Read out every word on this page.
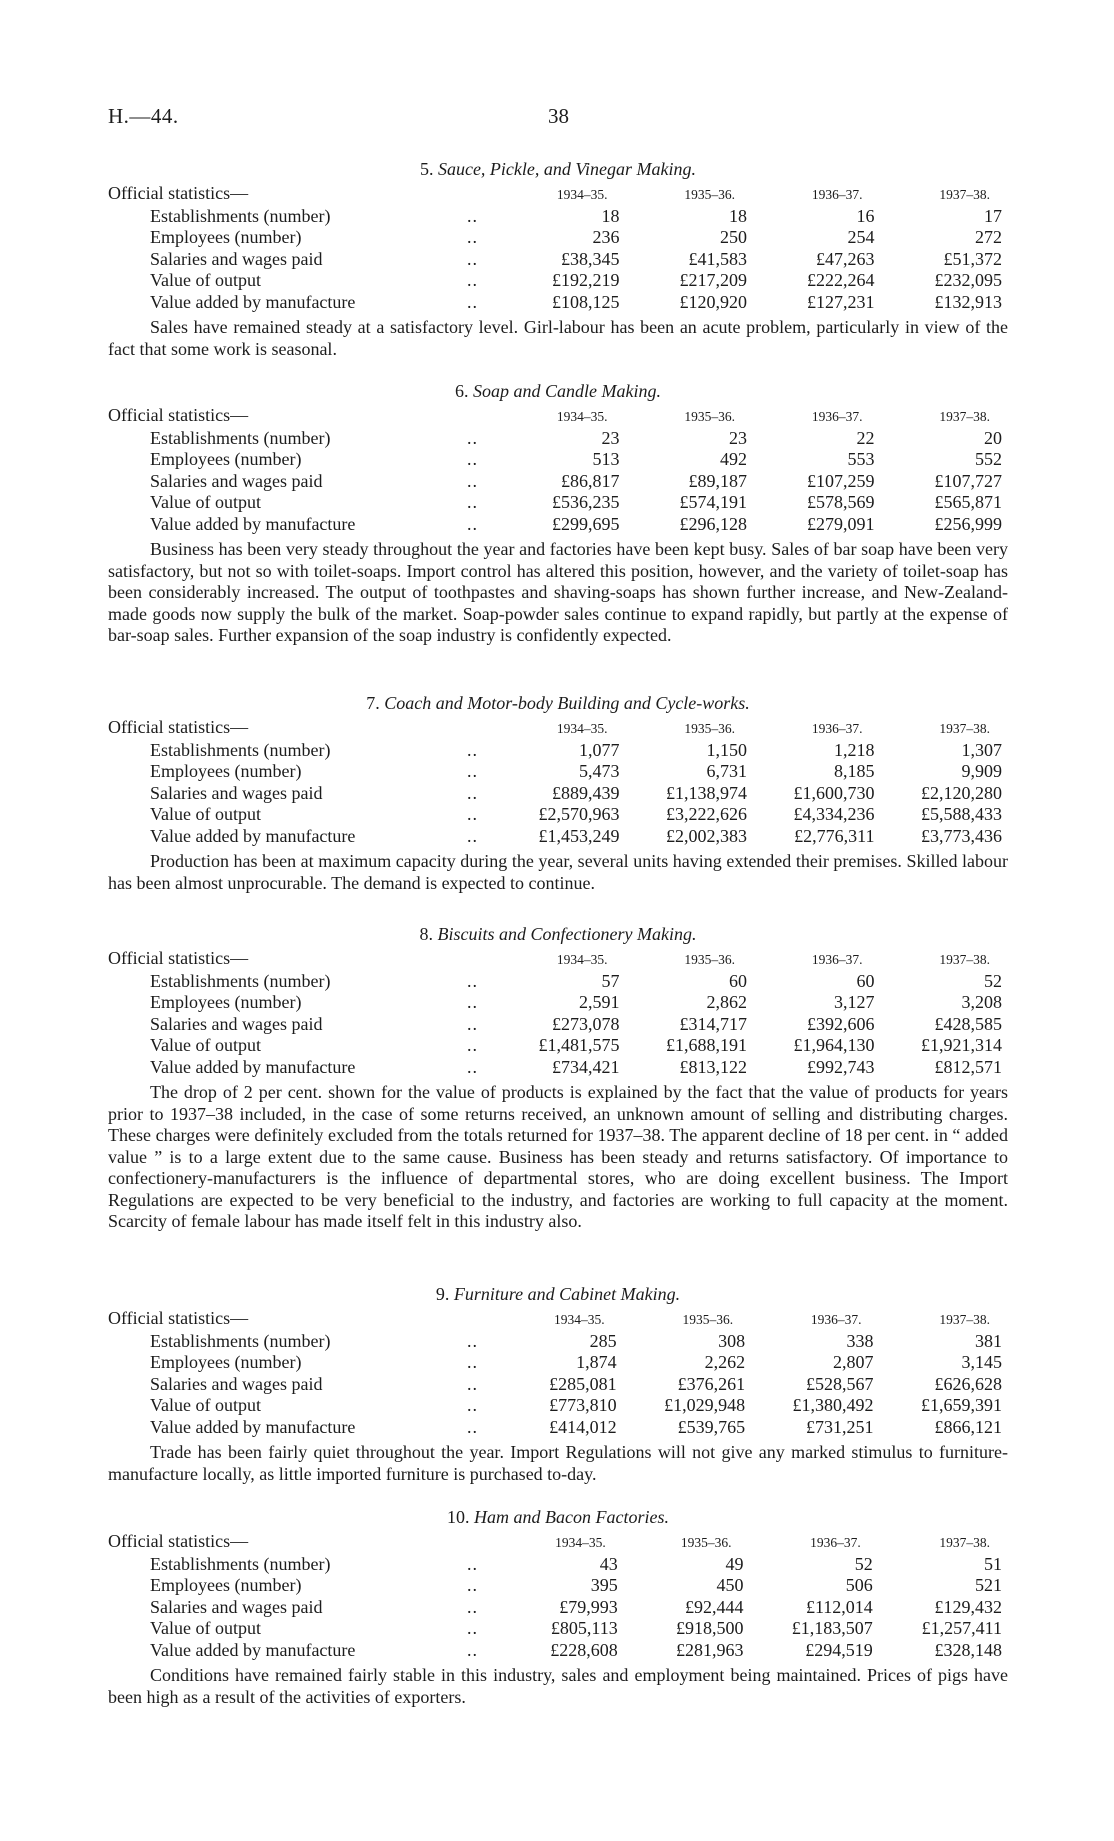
H.—44.	38
5. Sauce, Pickle, and Vinegar Making.
Official statistics—	1934–35.	1935–36.	1936–37.	1937–38.

Establishments (number) ..	18	18	16	17

Employees (number) ..	236	250	254	272

Salaries and wages paid ..	£38,345	£41,583	£47,263	£51,372

Value of output ..	£192,219	£217,209	£222,264	£232,095

Value added by manufacture ..	£108,125	£120,920	£127,231	£132,913

Sales have remained steady at a satisfactory level. Girl-labour has been an acute problem, particularly in view of the fact that some work is seasonal.

6. Soap and Candle Making.
Official statistics—	1934–35.	1935–36.	1936–37.	1937–38.

Establishments (number) ..	23	23	22	20

Employees (number) ..	513	492	553	552

Salaries and wages paid ..	£86,817	£89,187	£107,259	£107,727

Value of output ..	£536,235	£574,191	£578,569	£565,871

Value added by manufacture ..	£299,695	£296,128	£279,091	£256,999

Business has been very steady throughout the year and factories have been kept busy. Sales of bar soap have been very satisfactory, but not so with toilet-soaps. Import control has altered this position, however, and the variety of toilet-soap has been considerably increased. The output of toothpastes and shaving-soaps has shown further increase, and New-Zealand-made goods now supply the bulk of the market. Soap-powder sales continue to expand rapidly, but partly at the expense of bar-soap sales. Further expansion of the soap industry is confidently expected.

7. Coach and Motor-body Building and Cycle-works.
Official statistics—	1934–35.	1935–36.	1936–37.	1937–38.

Establishments (number) ..	1,077	1,150	1,218	1,307

Employees (number) ..	5,473	6,731	8,185	9,909

Salaries and wages paid ..	£889,439	£1,138,974	£1,600,730	£2,120,280

Value of output ..	£2,570,963	£3,222,626	£4,334,236	£5,588,433

Value added by manufacture ..	£1,453,249	£2,002,383	£2,776,311	£3,773,436

Production has been at maximum capacity during the year, several units having extended their premises. Skilled labour has been almost unprocurable. The demand is expected to continue.

8. Biscuits and Confectionery Making.
Official statistics—	1934–35.	1935–36.	1936–37.	1937–38.

Establishments (number) ..	57	60	60	52

Employees (number) ..	2,591	2,862	3,127	3,208

Salaries and wages paid ..	£273,078	£314,717	£392,606	£428,585

Value of output ..	£1,481,575	£1,688,191	£1,964,130	£1,921,314

Value added by manufacture ..	£734,421	£813,122	£992,743	£812,571

The drop of 2 per cent. shown for the value of products is explained by the fact that the value of products for years prior to 1937–38 included, in the case of some returns received, an unknown amount of selling and distributing charges. These charges were definitely excluded from the totals returned for 1937–38. The apparent decline of 18 per cent. in “ added value ” is to a large extent due to the same cause. Business has been steady and returns satisfactory. Of importance to confectionery-manufacturers is the influence of departmental stores, who are doing excellent business. The Import Regulations are expected to be very beneficial to the industry, and factories are working to full capacity at the moment. Scarcity of female labour has made itself felt in this industry also.

9. Furniture and Cabinet Making.
Official statistics—	1934–35.	1935–36.	1936–37.	1937–38.

Establishments (number) ..	285	308	338	381

Employees (number) ..	1,874	2,262	2,807	3,145

Salaries and wages paid ..	£285,081	£376,261	£528,567	£626,628

Value of output ..	£773,810	£1,029,948	£1,380,492	£1,659,391

Value added by manufacture ..	£414,012	£539,765	£731,251	£866,121

Trade has been fairly quiet throughout the year. Import Regulations will not give any marked stimulus to furniture-manufacture locally, as little imported furniture is purchased to-day.

10. Ham and Bacon Factories.
Official statistics—	1934–35.	1935–36.	1936–37.	1937–38.

Establishments (number) ..	43	49	52	51

Employees (number) ..	395	450	506	521

Salaries and wages paid ..	£79,993	£92,444	£112,014	£129,432

Value of output ..	£805,113	£918,500	£1,183,507	£1,257,411

Value added by manufacture ..	£228,608	£281,963	£294,519	£328,148

Conditions have remained fairly stable in this industry, sales and employment being maintained. Prices of pigs have been high as a result of the activities of exporters.
